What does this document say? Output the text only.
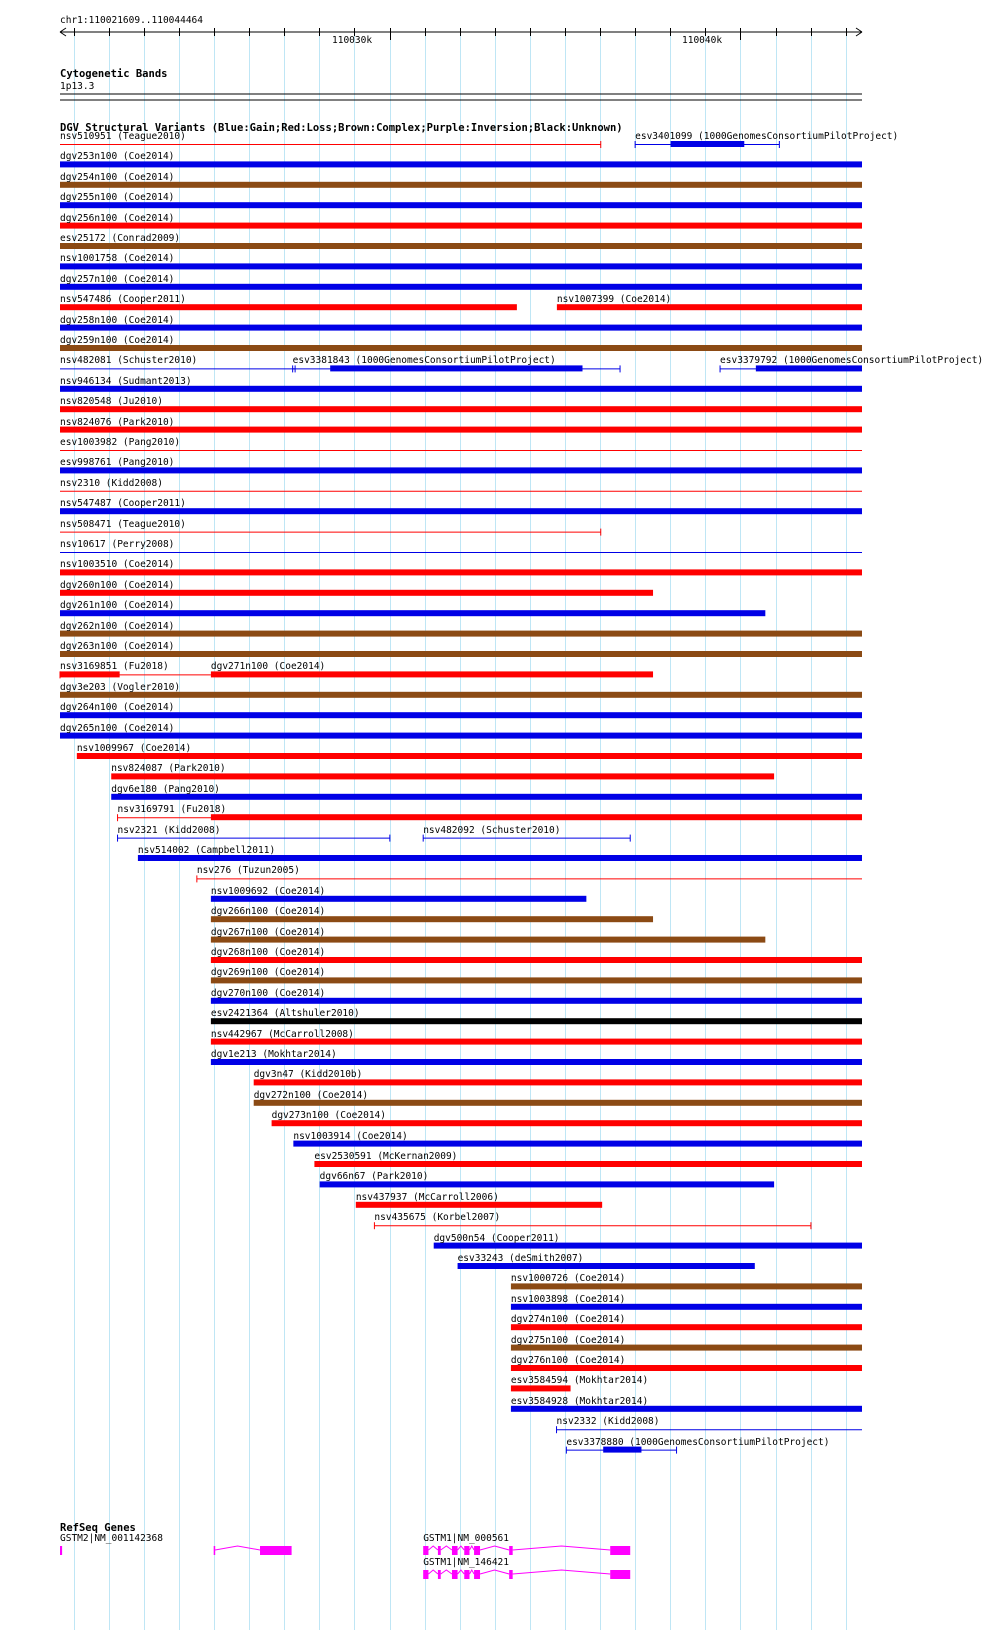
chr1:110021609..110044464
110030k	110040k
Cytogenetic Bands
1p13.3
DGV Structural Variants (Blue:Gain;Red:Loss;Brown:Complex;Purple:Inversion;Black:Unknown)
nsv510951 (Teague2010)	esv3401099 (1000GenomesConsortiumPilotProject)
dgv253n100 (Coe2014)
dgv254n100 (Coe2014)
dgv255n100 (Coe2014)
dgv256n100 (Coe2014)
esv25172 (Conrad2009)
nsv1001758 (Coe2014)
dgv257n100 (Coe2014)
nsv547486 (Cooper2011)	nsv1007399 (Coe2014)
dgv258n100 (Coe2014)
dgv259n100 (Coe2014)
nsv482081 (Schuster2010)	esv3381843 (1000GenomesConsortiumPilotProject)	esv3379792 (1000GenomesConsortiumPilotProject)
nsv946134 (Sudmant2013)
nsv820548 (Ju2010)
nsv824076 (Park2010)
esv1003982 (Pang2010)
esv998761 (Pang2010)
nsv2310 (Kidd2008)
nsv547487 (Cooper2011)
nsv508471 (Teague2010)
nsv10617 (Perry2008)
nsv1003510 (Coe2014)
dgv260n100 (Coe2014)
dgv261n100 (Coe2014)
dgv262n100 (Coe2014)
dgv263n100 (Coe2014)
nsv3169851 (Fu2018)	dgv271n100 (Coe2014)
dgv3e203 (Vogler2010)
dgv264n100 (Coe2014)
dgv265n100 (Coe2014)
nsv1009967 (Coe2014)
nsv824087 (Park2010)
dgv6e180 (Pang2010)
nsv3169791 (Fu2018)
nsv2321 (Kidd2008)	nsv482092 (Schuster2010)
nsv514002 (Campbell2011)
nsv276 (Tuzun2005)
nsv1009692 (Coe2014)
dgv266n100 (Coe2014)
dgv267n100 (Coe2014)
dgv268n100 (Coe2014)
dgv269n100 (Coe2014)
dgv270n100 (Coe2014)
esv2421364 (Altshuler2010)
nsv442967 (McCarroll2008)
dgv1e213 (Mokhtar2014)
dgv3n47 (Kidd2010b)
dgv272n100 (Coe2014)
dgv273n100 (Coe2014)
nsv1003914 (Coe2014)
esv2530591 (McKernan2009)
dgv66n67 (Park2010)
nsv437937 (McCarroll2006)
nsv435675 (Korbel2007)
dgv500n54 (Cooper2011)
esv33243 (deSmith2007)
nsv1000726 (Coe2014)
nsv1003898 (Coe2014)
dgv274n100 (Coe2014)
dgv275n100 (Coe2014)
dgv276n100 (Coe2014)
esv3584594 (Mokhtar2014)
esv3584928 (Mokhtar2014)
nsv2332 (Kidd2008)
esv3378880 (1000GenomesConsortiumPilotProject)
RefSeq Genes
GSTM2|NM_001142368	GSTM1|NM_000561
GSTM1|NM_146421
